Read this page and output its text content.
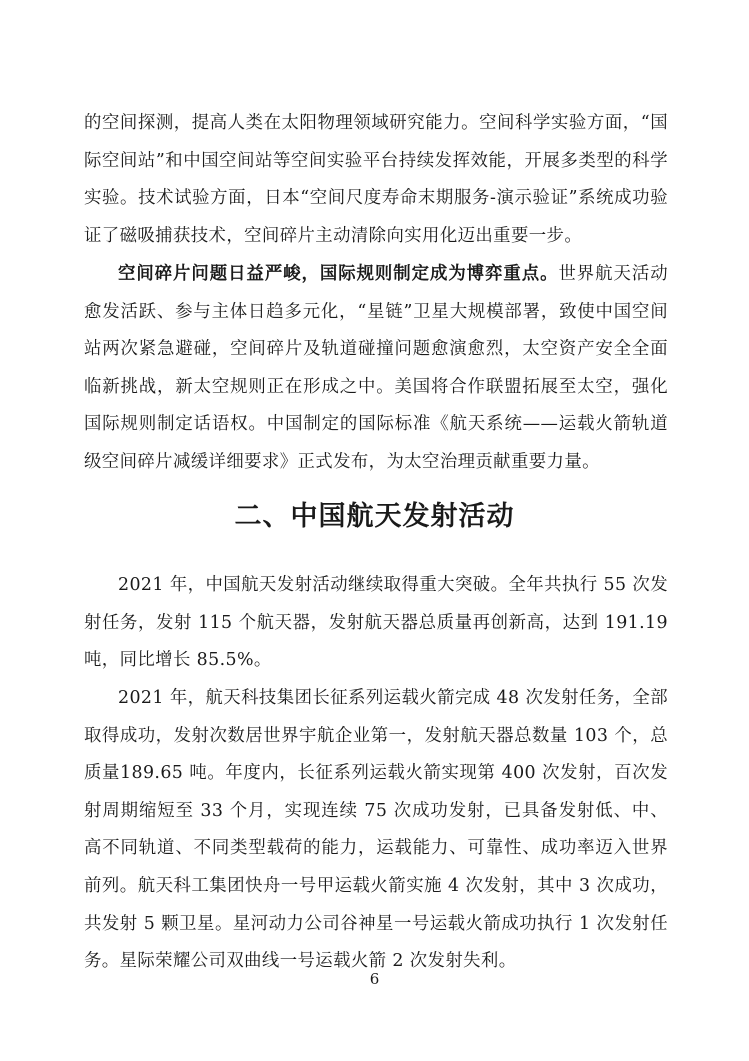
的空间探测，提高人类在太阳物理领域研究能力。空间科学实验方面，“国际空间站”和中国空间站等空间实验平台持续发挥效能，开展多类型的科学实验。技术试验方面，日本“空间尺度寿命末期服务-演示验证”系统成功验证了磁吸捕获技术，空间碎片主动清除向实用化迈出重要一步。

空间碎片问题日益严峻，国际规则制定成为博弈重点。世界航天活动愈发活跃、参与主体日趋多元化，“星链”卫星大规模部署，致使中国空间站两次紧急避碰，空间碎片及轨道碰撞问题愈演愈烈，太空资产安全全面临新挑战，新太空规则正在形成之中。美国将合作联盟拓展至太空，强化国际规则制定话语权。中国制定的国际标准《航天系统——运载火箭轨道级空间碎片减缓详细要求》正式发布，为太空治理贡献重要力量。

二、中国航天发射活动

2021 年，中国航天发射活动继续取得重大突破。全年共执行 55 次发射任务，发射 115 个航天器，发射航天器总质量再创新高，达到 191.19 吨，同比增长 85.5%。

2021 年，航天科技集团长征系列运载火箭完成 48 次发射任务，全部取得成功，发射次数居世界宇航企业第一，发射航天器总数量 103 个，总质量189.65 吨。年度内，长征系列运载火箭实现第 400 次发射，百次发射周期缩短至 33 个月，实现连续 75 次成功发射，已具备发射低、中、高不同轨道、不同类型载荷的能力，运载能力、可靠性、成功率迈入世界前列。航天科工集团快舟一号甲运载火箭实施 4 次发射，其中 3 次成功，共发射 5 颗卫星。星河动力公司谷神星一号运载火箭成功执行 1 次发射任务。星际荣耀公司双曲线一号运载火箭 2 次发射失利。

6
